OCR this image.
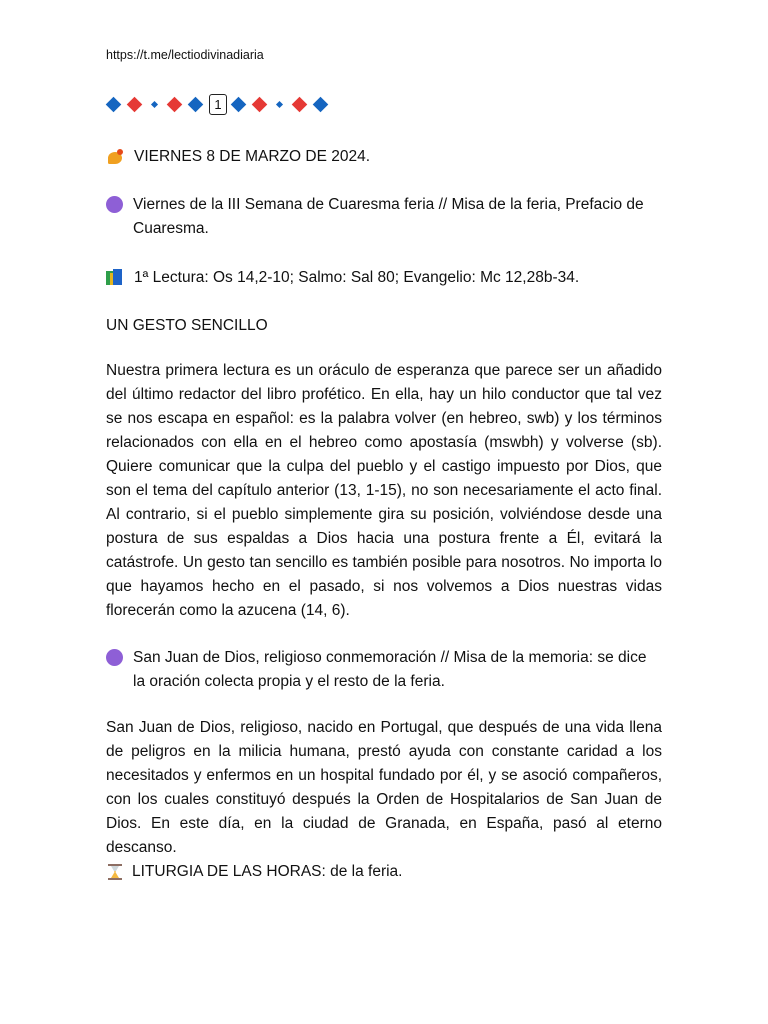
https://t.me/lectiodivinadiaria
1
VIERNES 8 DE MARZO DE 2024.
Viernes de la III Semana de Cuaresma feria // Misa de la feria, Prefacio de Cuaresma.
1ª Lectura: Os 14,2-10; Salmo: Sal 80; Evangelio: Mc 12,28b-34.
UN GESTO SENCILLO
Nuestra primera lectura es un oráculo de esperanza que parece ser un añadido del último redactor del libro profético. En ella, hay un hilo conductor que tal vez se nos escapa en español: es la palabra volver (en hebreo, swb) y los términos relacionados con ella en el hebreo como apostasía (mswbh) y volverse (sb). Quiere comunicar que la culpa del pueblo y el castigo impuesto por Dios, que son el tema del capítulo anterior (13, 1-15), no son necesariamente el acto final. Al contrario, si el pueblo simplemente gira su posición, volviéndose desde una postura de sus espaldas a Dios hacia una postura frente a Él, evitará la catástrofe. Un gesto tan sencillo es también posible para nosotros. No importa lo que hayamos hecho en el pasado, si nos volvemos a Dios nuestras vidas florecerán como la azucena (14, 6).
San Juan de Dios, religioso conmemoración // Misa de la memoria: se dice la oración colecta propia y el resto de la feria.
San Juan de Dios, religioso, nacido en Portugal, que después de una vida llena de peligros en la milicia humana, prestó ayuda con constante caridad a los necesitados y enfermos en un hospital fundado por él, y se asoció compañeros, con los cuales constituyó después la Orden de Hospitalarios de San Juan de Dios. En este día, en la ciudad de Granada, en España, pasó al eterno descanso.
LITURGIA DE LAS HORAS: de la feria.
